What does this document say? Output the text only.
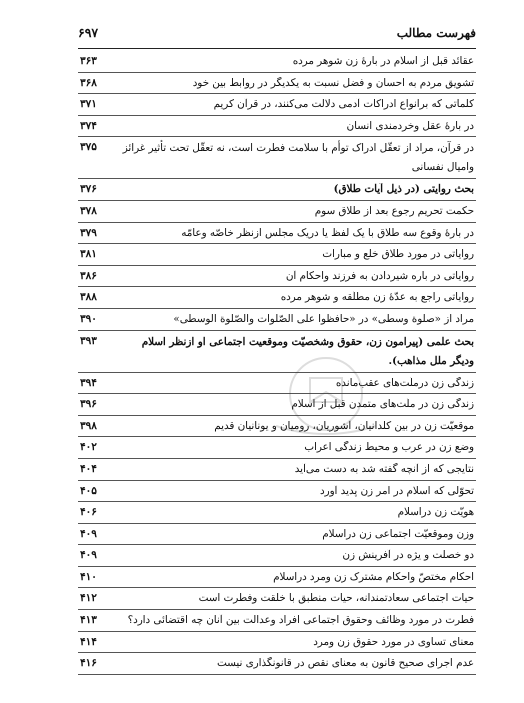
فهرست مطالب
۶۹۷
عقائد قبل از اسلام در بارهٔ زن شوهر مرده
۳۶۳
تشویق مردم به احسان و فضل نسبت به یکدیگر در روابط بین خود
۳۶۸
کلماتی که برانواع ادراکات آدمی دلالت می‌کنند، در قرآن کریم
۳۷۱
در بارهٔ عقل وخردمندی انسان
۳۷۴
در قرآن، مراد از تعقّل ادراک توأم با سلامت فطرت است، نه تعقّل تحت تأثیر غرائز وامیال نفسانی
۳۷۵
بحث روایتی (در ذیل آیات طلاق)
۳۷۶
حکمت تحریم رجوع بعد از طلاق سوم
۳۷۸
در بارهٔ وقوع سه طلاق با یک لفظ یا دریک مجلس ازنظر خاصّه وعامّه
۳۷۹
روایاتی در مورد طلاق خلع و مبارات
۳۸۱
روایاتی در باره شیردادن به فرزند واحکام آن
۳۸۶
روایاتی راجع به عدّهٔ زن مطلّقه و شوهر مرده
۳۸۸
مراد از «صلوة وسطی» در «حافظوا علی الصّلوات والصّلوة الوسطی»
۳۹۰
بحث علمی (پیرامون زن، حقوق وشخصیّت وموقعیت اجتماعی او ازنظر اسلام ودیگر ملل مذاهب).
۳۹۳
زندگی زن درملّت‌های عقب‌مانده
۳۹۴
زندگی زن در ملّت‌های متمدن قبل از اسلام
۳۹۶
موقعیّت زن در بین کلدانیان، آشوریان، رومیان و یونانیان قدیم
۳۹۸
وضع زن در عرب و محیط زندگی اعراب
۴۰۲
نتایجی که از آنچه گفته شد به دست می‌آید
۴۰۴
تحوّلی که اسلام در امر زن پدید آورد
۴۰۵
هویّت زن دراسلام
۴۰۶
وزن وموقعیّت اجتماعی زن دراسلام
۴۰۹
دو خصلت و یژه در آفرینش زن
۴۰۹
احکام مختصّ واحکام مشترک زن ومرد دراسلام
۴۱۰
حیات اجتماعی سعادتمندانه، حیات منطبق با خلقت وفطرت است
۴۱۲
فطرت در مورد وظائف وحقوق اجتماعی افراد وعدالت بین آنان چه اقتضائی دارد؟
۴۱۳
معنای تساوی در مورد حقوق زن ومرد
۴۱۴
عدم اجرای صحیح قانون به معنای نقص در قانونگذاری نیست
۴۱۶
